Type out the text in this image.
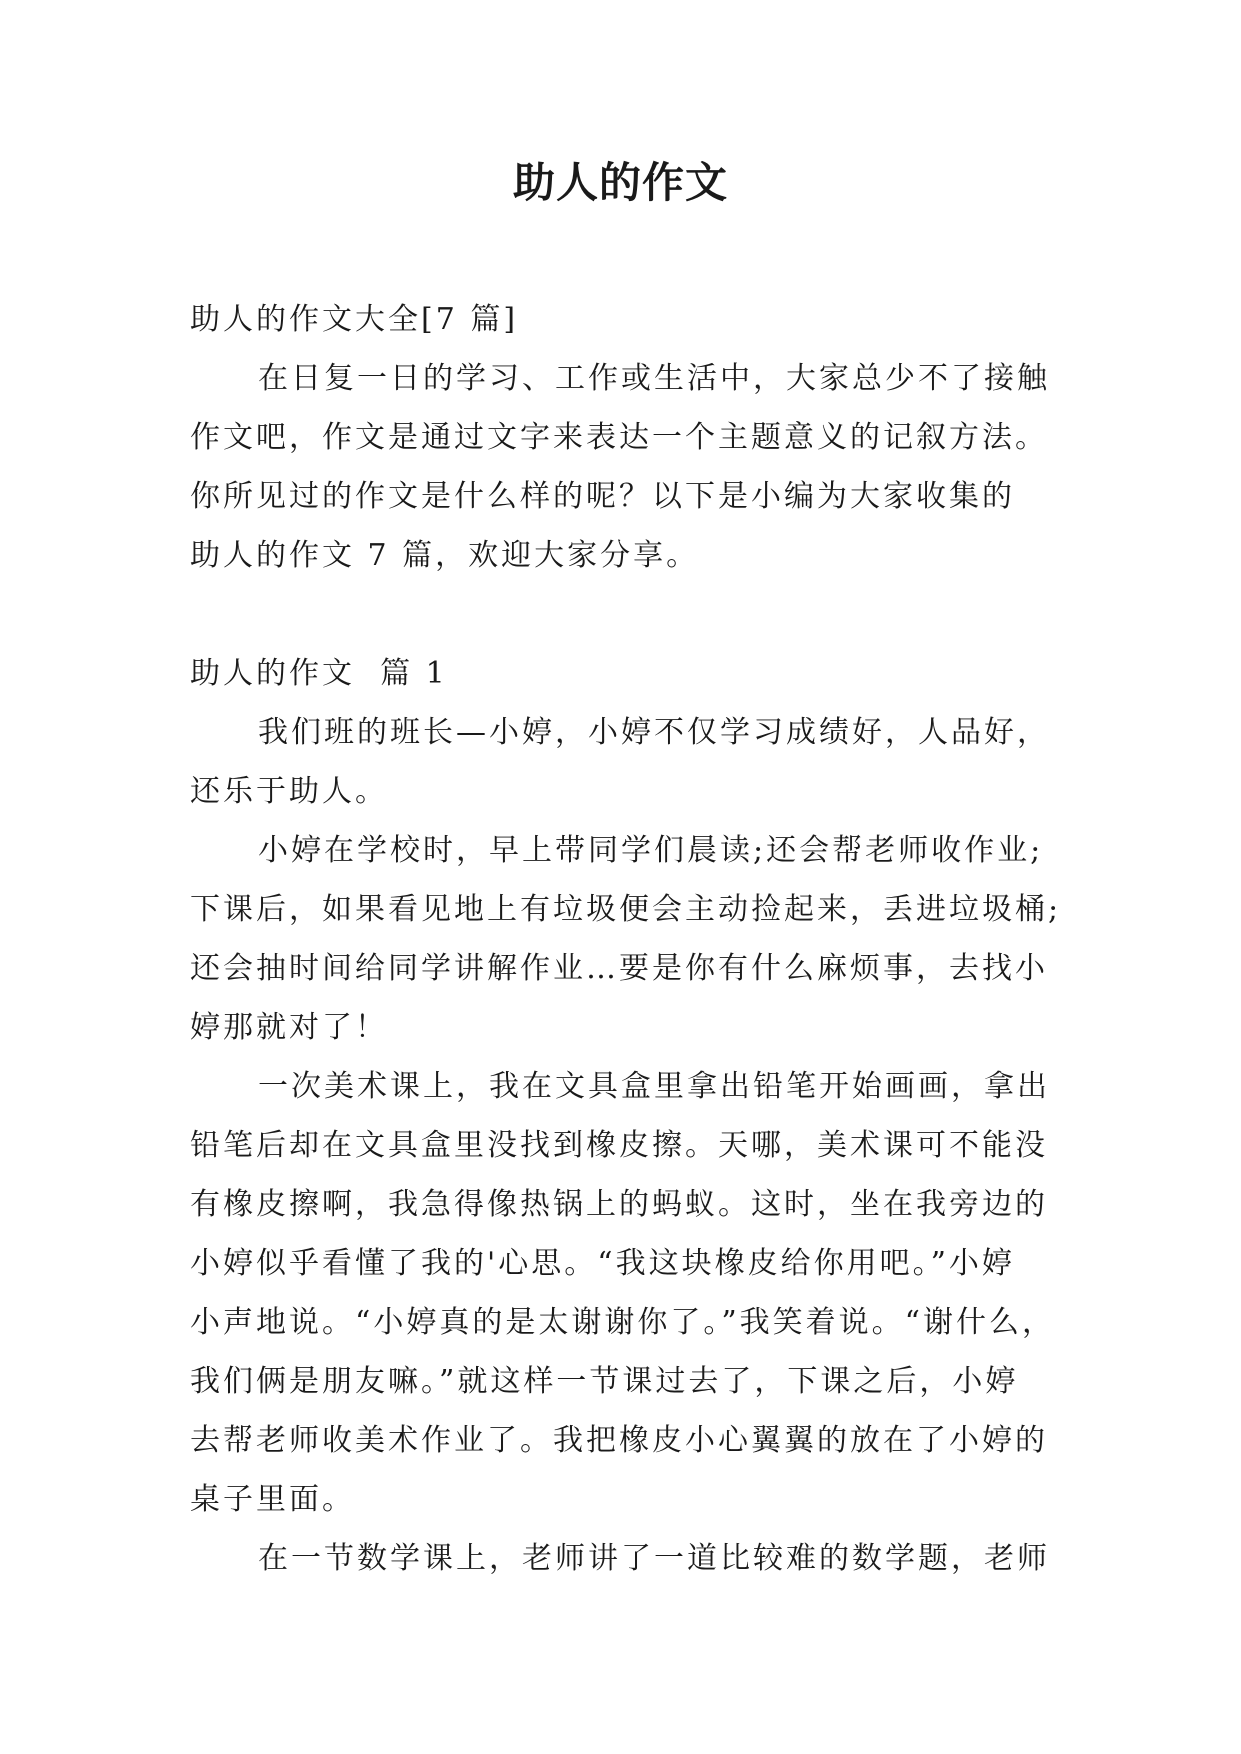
助人的作文

助人的作文大全[7 篇]

在日复一日的学习、工作或生活中，大家总少不了接触

作文吧，作文是通过文字来表达一个主题意义的记叙方法。

你所见过的作文是什么样的呢？以下是小编为大家收集的

助人的作文 7 篇，欢迎大家分享。

助人的作文  篇 1

我们班的班长—小婷，小婷不仅学习成绩好，人品好，

还乐于助人。

小婷在学校时，早上带同学们晨读;还会帮老师收作业;

下课后，如果看见地上有垃圾便会主动捡起来，丢进垃圾桶;

还会抽时间给同学讲解作业…要是你有什么麻烦事，去找小

婷那就对了！

一次美术课上，我在文具盒里拿出铅笔开始画画，拿出

铅笔后却在文具盒里没找到橡皮擦。天哪，美术课可不能没

有橡皮擦啊，我急得像热锅上的蚂蚁。这时，坐在我旁边的

小婷似乎看懂了我的'心思。“我这块橡皮给你用吧。”小婷

小声地说。“小婷真的是太谢谢你了。”我笑着说。“谢什么，

我们俩是朋友嘛。”就这样一节课过去了，下课之后，小婷

去帮老师收美术作业了。我把橡皮小心翼翼的放在了小婷的

桌子里面。

在一节数学课上，老师讲了一道比较难的数学题，老师
